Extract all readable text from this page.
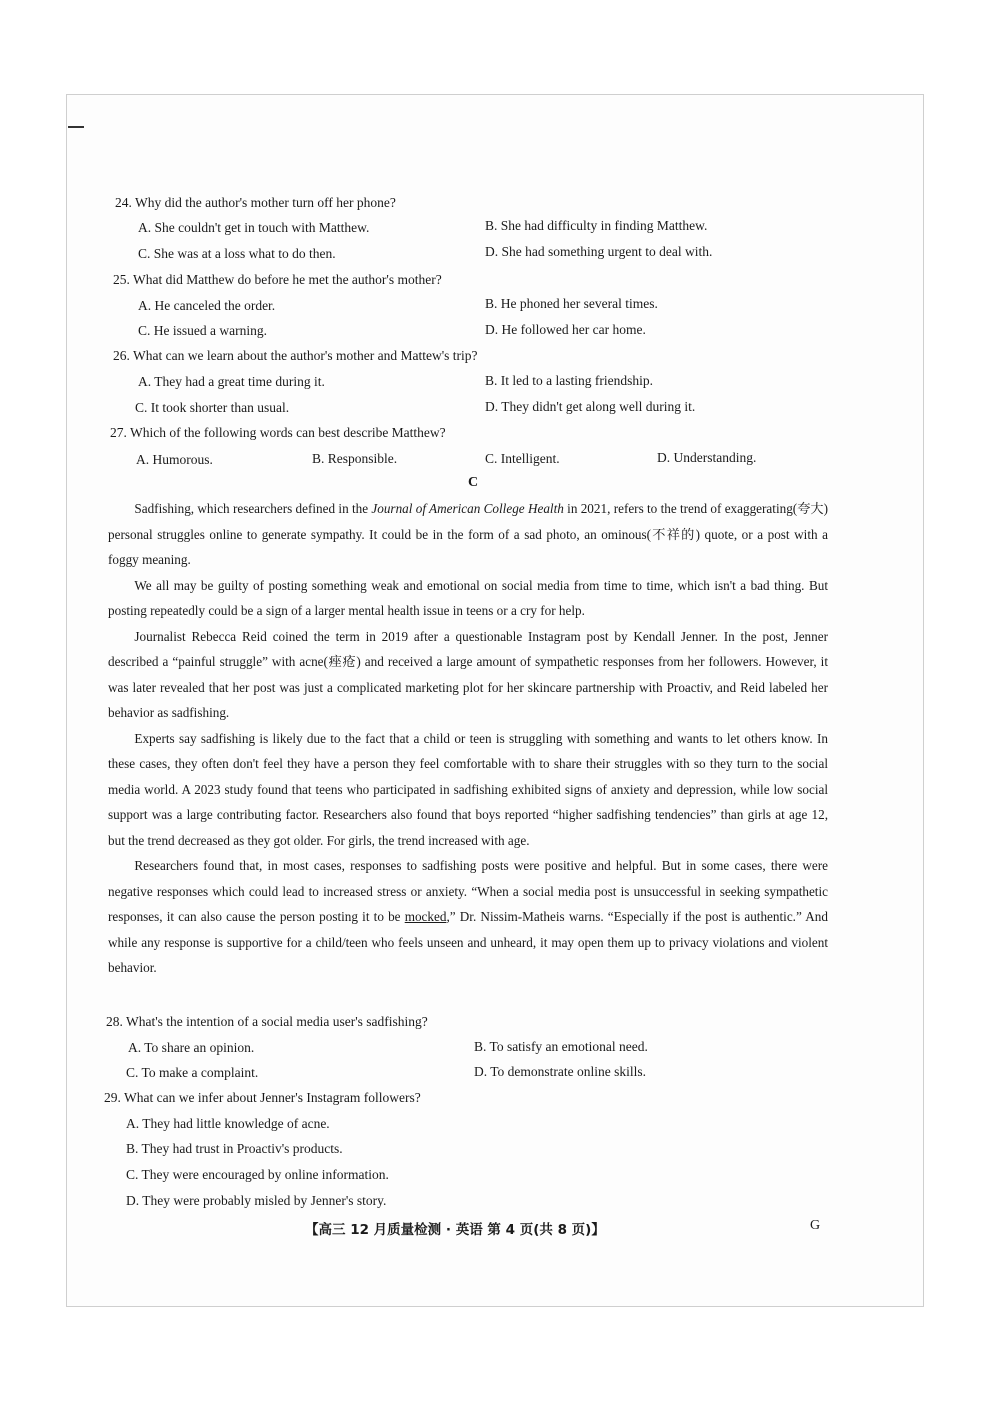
24. Why did the author's mother turn off her phone?
A. She couldn't get in touch with Matthew.	B. She had difficulty in finding Matthew.
C. She was at a loss what to do then.	D. She had something urgent to deal with.
25. What did Matthew do before he met the author's mother?
A. He canceled the order.	B. He phoned her several times.
C. He issued a warning.	D. He followed her car home.
26. What can we learn about the author's mother and Mattew's trip?
A. They had a great time during it.	B. It led to a lasting friendship.
C. It took shorter than usual.	D. They didn't get along well during it.
27. Which of the following words can best describe Matthew?
A. Humorous.	B. Responsible.	C. Intelligent.	D. Understanding.
C

Sadfishing, which researchers defined in the Journal of American College Health in 2021, refers to the trend of exaggerating(夸大) personal struggles online to generate sympathy. It could be in the form of a sad photo, an ominous(不祥的) quote, or a post with a foggy meaning.

We all may be guilty of posting something weak and emotional on social media from time to time, which isn't a bad thing. But posting repeatedly could be a sign of a larger mental health issue in teens or a cry for help.

Journalist Rebecca Reid coined the term in 2019 after a questionable Instagram post by Kendall Jenner. In the post, Jenner described a “painful struggle” with acne(痤疮) and received a large amount of sympathetic responses from her followers. However, it was later revealed that her post was just a complicated marketing plot for her skincare partnership with Proactiv, and Reid labeled her behavior as sadfishing.

Experts say sadfishing is likely due to the fact that a child or teen is struggling with something and wants to let others know. In these cases, they often don't feel they have a person they feel comfortable with to share their struggles with so they turn to the social media world. A 2023 study found that teens who participated in sadfishing exhibited signs of anxiety and depression, while low social support was a large contributing factor. Researchers also found that boys reported “higher sadfishing tendencies” than girls at age 12, but the trend decreased as they got older. For girls, the trend increased with age.

Researchers found that, in most cases, responses to sadfishing posts were positive and helpful. But in some cases, there were negative responses which could lead to increased stress or anxiety. “When a social media post is unsuccessful in seeking sympathetic responses, it can also cause the person posting it to be mocked,” Dr. Nissim-Matheis warns. “Especially if the post is authentic.” And while any response is supportive for a child/teen who feels unseen and unheard, it may open them up to privacy violations and violent behavior.

28. What's the intention of a social media user's sadfishing?
A. To share an opinion.	B. To satisfy an emotional need.
C. To make a complaint.	D. To demonstrate online skills.
29. What can we infer about Jenner's Instagram followers?
A. They had little knowledge of acne.
B. They had trust in Proactiv's products.
C. They were encouraged by online information.
D. They were probably misled by Jenner's story.
【高三 12 月质量检测 · 英语 第 4 页(共 8 页)】	G
